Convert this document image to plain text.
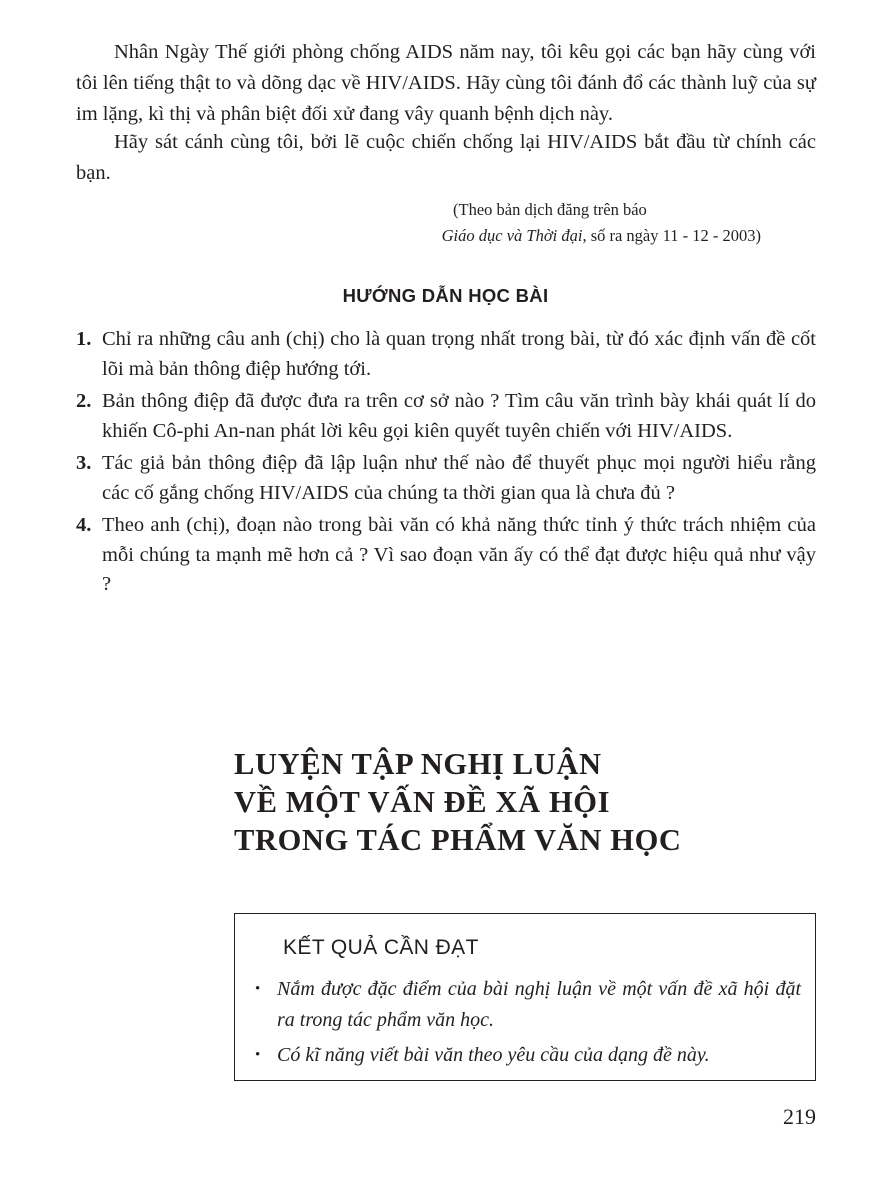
Nhân Ngày Thế giới phòng chống AIDS năm nay, tôi kêu gọi các bạn hãy cùng với tôi lên tiếng thật to và dõng dạc về HIV/AIDS. Hãy cùng tôi đánh đổ các thành luỹ của sự im lặng, kì thị và phân biệt đối xử đang vây quanh bệnh dịch này.

Hãy sát cánh cùng tôi, bởi lẽ cuộc chiến chống lại HIV/AIDS bắt đầu từ chính các bạn.

(Theo bản dịch đăng trên báo
Giáo dục và Thời đại, số ra ngày 11 - 12 - 2003)
HƯỚNG DẪN HỌC BÀI
1. Chỉ ra những câu anh (chị) cho là quan trọng nhất trong bài, từ đó xác định vấn đề cốt lõi mà bản thông điệp hướng tới.
2. Bản thông điệp đã được đưa ra trên cơ sở nào ? Tìm câu văn trình bày khái quát lí do khiến Cô-phi An-nan phát lời kêu gọi kiên quyết tuyên chiến với HIV/AIDS.
3. Tác giả bản thông điệp đã lập luận như thế nào để thuyết phục mọi người hiểu rằng các cố gắng chống HIV/AIDS của chúng ta thời gian qua là chưa đủ ?
4. Theo anh (chị), đoạn nào trong bài văn có khả năng thức tỉnh ý thức trách nhiệm của mỗi chúng ta mạnh mẽ hơn cả ? Vì sao đoạn văn ấy có thể đạt được hiệu quả như vậy ?
LUYỆN TẬP NGHỊ LUẬN
VỀ MỘT VẤN ĐỀ XÃ HỘI
TRONG TÁC PHẨM VĂN HỌC
KẾT QUẢ CẦN ĐẠT
• Nắm được đặc điểm của bài nghị luận về một vấn đề xã hội đặt ra trong tác phẩm văn học.
• Có kĩ năng viết bài văn theo yêu cầu của dạng đề này.
219
